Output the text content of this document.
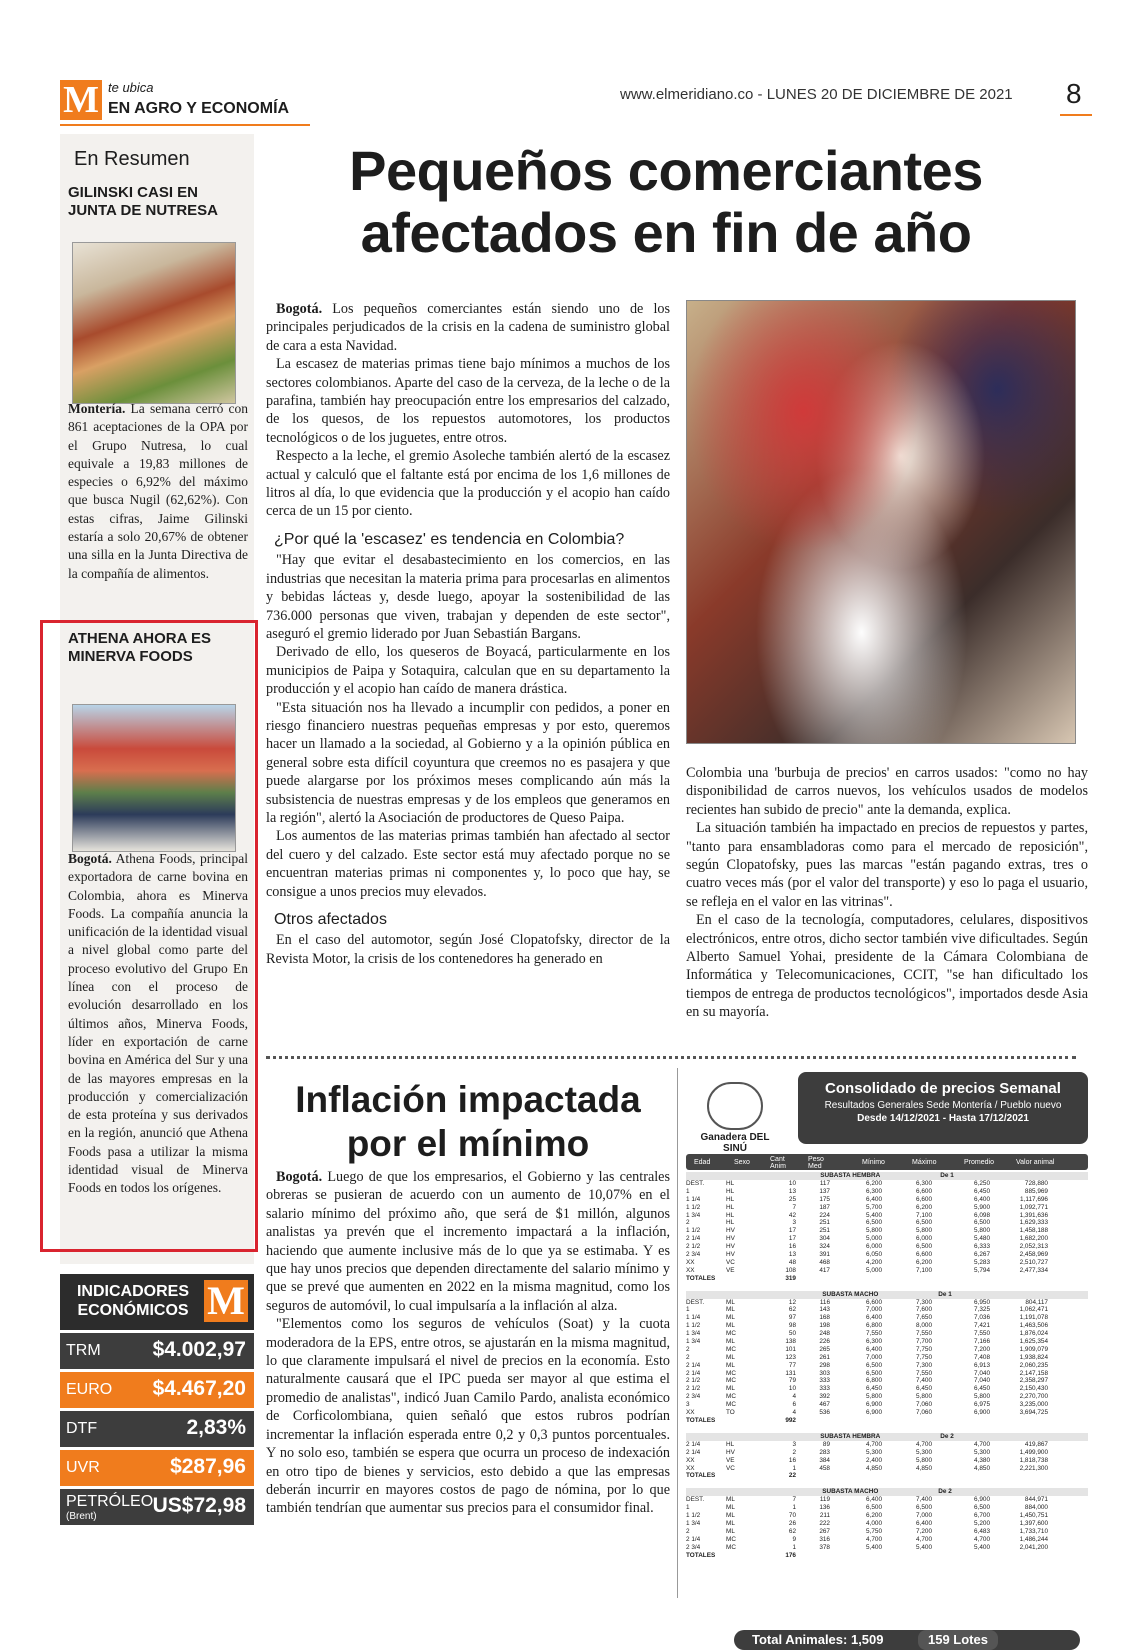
M te ubica
EN AGRO Y ECONOMÍA
www.elmeridiano.co - LUNES 20 DE DICIEMBRE DE 2021 8
En Resumen
GILINSKI CASI EN JUNTA DE NUTRESA
Montería. La semana cerró con 861 aceptaciones de la OPA por el Grupo Nutresa, lo cual equivale a 19,83 millones de especies o 6,92% del máximo que busca Nugil (62,62%). Con estas cifras, Jaime Gilinski estaría a solo 20,67% de obtener una silla en la Junta Directiva de la compañía de alimentos.
ATHENA AHORA ES MINERVA FOODS
Bogotá. Athena Foods, principal exportadora de carne bovina en Colombia, ahora es Minerva Foods. La compañía anuncia la unificación de la identidad visual a nivel global como parte del proceso evolutivo del Grupo En línea con el proceso de evolución desarrollado en los últimos años, Minerva Foods, líder en exportación de carne bovina en América del Sur y una de las mayores empresas en la producción y comercialización de esta proteína y sus derivados en la región, anunció que Athena Foods pasa a utilizar la misma identidad visual de Minerva Foods en todos los orígenes.
INDICADORES ECONÓMICOS M
TRM $4.002,97
EURO $4.467,20
DTF	2,83%
UVR	$287,96
PETRÓLEO
(Brent)	US$72,98
Pequeños comerciantes afectados en fin de año

Bogotá. Los pequeños comerciantes están siendo uno de los principales perjudicados de la crisis en la cadena de suministro global de cara a esta Navidad.

La escasez de materias primas tiene bajo mínimos a muchos de los sectores colombianos. Aparte del caso de la cerveza, de la leche o de la parafina, también hay preocupación entre los empresarios del calzado, de los quesos, de los repuestos automotores, los productos tecnológicos o de los juguetes, entre otros.

Respecto a la leche, el gremio Asoleche también alertó de la escasez actual y calculó que el faltante está por encima de los 1,6 millones de litros al día, lo que evidencia que la producción y el acopio han caído cerca de un 15 por ciento.

¿Por qué la 'escasez' es tendencia en Colombia?

"Hay que evitar el desabastecimiento en los comercios, en las industrias que necesitan la materia prima para procesarlas en alimentos y bebidas lácteas y, desde luego, apoyar la sostenibilidad de las 736.000 personas que viven, trabajan y dependen de este sector", aseguró el gremio liderado por Juan Sebastián Bargans.

Derivado de ello, los queseros de Boyacá, particularmente en los municipios de Paipa y Sotaquira, calculan que en su departamento la producción y el acopio han caído de manera drástica.

"Esta situación nos ha llevado a incumplir con pedidos, a poner en riesgo financiero nuestras pequeñas empresas y por esto, queremos hacer un llamado a la sociedad, al Gobierno y a la opinión pública en general sobre esta difícil coyuntura que creemos no es pasajera y que puede alargarse por los próximos meses complicando aún más la subsistencia de nuestras empresas y de los empleos que generamos en la región", alertó la Asociación de productores de Queso Paipa.

Los aumentos de las materias primas también han afectado al sector del cuero y del calzado. Este sector está muy afectado porque no se encuentran materias primas ni componentes y, lo poco que hay, se consigue a unos precios muy elevados.

Otros afectados

En el caso del automotor, según José Clopatofsky, director de la Revista Motor, la crisis de los contenedores ha generado en

Colombia una 'burbuja de precios' en carros usados: "como no hay disponibilidad de carros nuevos, los vehículos usados de modelos recientes han subido de precio" ante la demanda, explica.

La situación también ha impactado en precios de repuestos y partes, "tanto para ensambladoras como para el mercado de reposición", según Clopatofsky, pues las marcas "están pagando extras, tres o cuatro veces más (por el valor del transporte) y eso lo paga el usuario, se refleja en el valor en las vitrinas".

En el caso de la tecnología, computadores, celulares, dispositivos electrónicos, entre otros, dicho sector también vive dificultades. Según Alberto Samuel Yohai, presidente de la Cámara Colombiana de Informática y Telecomunicaciones, CCIT, "se han dificultado los tiempos de entrega de productos tecnológicos", importados desde Asia en su mayoría.

Inflación impactada por el mínimo

Bogotá. Luego de que los empresarios, el Gobierno y las centrales obreras se pusieran de acuerdo con un aumento de 10,07% en el salario mínimo del próximo año, que será de $1 millón, algunos analistas ya prevén que el incremento impactará a la inflación, haciendo que aumente inclusive más de lo que ya se estimaba. Y es que hay unos precios que dependen directamente del salario mínimo y que se prevé que aumenten en 2022 en la misma magnitud, como los seguros de automóvil, lo cual impulsaría a la inflación al alza.

"Elementos como los seguros de vehículos (Soat) y la cuota moderadora de la EPS, entre otros, se ajustarán en la misma magnitud, lo que claramente impulsará el nivel de precios en la economía. Esto naturalmente causará que el IPC pueda ser mayor al que estima el promedio de analistas", indicó Juan Camilo Pardo, analista económico de Corficolombiana, quien señaló que estos rubros podrían incrementar la inflación esperada entre 0,2 y 0,3 puntos porcentuales. Y no solo eso, también se espera que ocurra un proceso de indexación en otro tipo de bienes y servicios, esto debido a que las empresas deberán incurrir en mayores costos de pago de nómina, por lo que también tendrían que aumentar sus precios para el consumidor final.

Ganadera DEL SINÚ
Consolidado de precios Semanal
Resultados Generales Sede Montería / Pueblo nuevo
Desde 14/12/2021 - Hasta 17/12/2021
Edad	Sexo	Cant Anim
Peso Med
Mínimo	Máximo	Promedio	Valor animal
SUBASTA HEMBRA	De 1
DEST.	HL	10	117	6,200	6,300	6,250	728,880
1	HL	13	137	6,300	6,600	6,450	885,969
1 1/4	HL	25	175	6,400	6,600	6,400	1,117,696
1 1/2	HL	7	187	5,700	6,200	5,900	1,092,771
1 3/4	HL	42	224	5,400	7,100	6,098	1,391,636
2	HL	3	251	6,500	6,500	6,500	1,629,333
1 1/2	HV	17	251	5,800	5,800	5,800	1,458,188
2 1/4	HV	17	304	5,000	6,000	5,480	1,682,200
2 1/2	HV	16	324	6,000	6,500	6,333	2,052,313
2 3/4	HV	13	391	6,050	6,600	6,267	2,458,969
XX	VC	48	468	4,200	6,200	5,283	2,510,727
XX	VE	108	417	5,000	7,100	5,794	2,477,334
TOTALES	319
SUBASTA MACHO	De 1
DEST.	ML	12	116	6,600	7,300	6,950	804,117
1	ML	62	143	7,000	7,600	7,325	1,062,471
1 1/4	ML	97	168	6,400	7,650	7,036	1,191,078
1 1/2	ML	98	198	6,800	8,000	7,421	1,463,506
1 3/4	MC	50	248	7,550	7,550	7,550	1,876,024
1 3/4	ML	138	226	6,300	7,700	7,166	1,625,354
2	MC	101	265	6,400	7,750	7,200	1,909,079
2	ML	123	261	7,000	7,750	7,408	1,938,824
2 1/4	ML	77	298	6,500	7,300	6,913	2,060,235
2 1/4	MC	131	303	6,500	7,550	7,040	2,147,158
2 1/2	MC	79	333	6,800	7,400	7,040	2,358,297
2 1/2	ML	10	333	6,450	6,450	6,450	2,150,430
2 3/4	MC	4	392	5,800	5,800	5,800	2,270,700
3	MC	6	467	6,900	7,060	6,975	3,235,000
XX	TO	4	536	6,900	7,060	6,900	3,694,725
TOTALES	992
SUBASTA HEMBRA	De 2
2 1/4	HL	3	89	4,700	4,700	4,700	419,867
2 1/4	HV	2	283	5,300	5,300	5,300	1,499,900
XX	VE	16	384	2,400	5,800	4,380	1,818,738
XX	VC	1	458	4,850	4,850	4,850	2,221,300
TOTALES	22
SUBASTA MACHO	De 2
DEST.	ML	7	119	6,400	7,400	6,900	844,971
1	ML	1	136	6,500	6,500	6,500	884,000
1 1/2	ML	70	211	6,200	7,000	6,700	1,450,751
1 3/4	ML	26	222	4,000	6,400	5,200	1,397,600
2	ML	62	267	5,750	7,200	6,483	1,733,710
2 1/4	MC	9	316	4,700	4,700	4,700	1,486,244
2 3/4	MC	1	378	5,400	5,400	5,400	2,041,200
TOTALES	176
Total Animales: 1,509	159 Lotes
